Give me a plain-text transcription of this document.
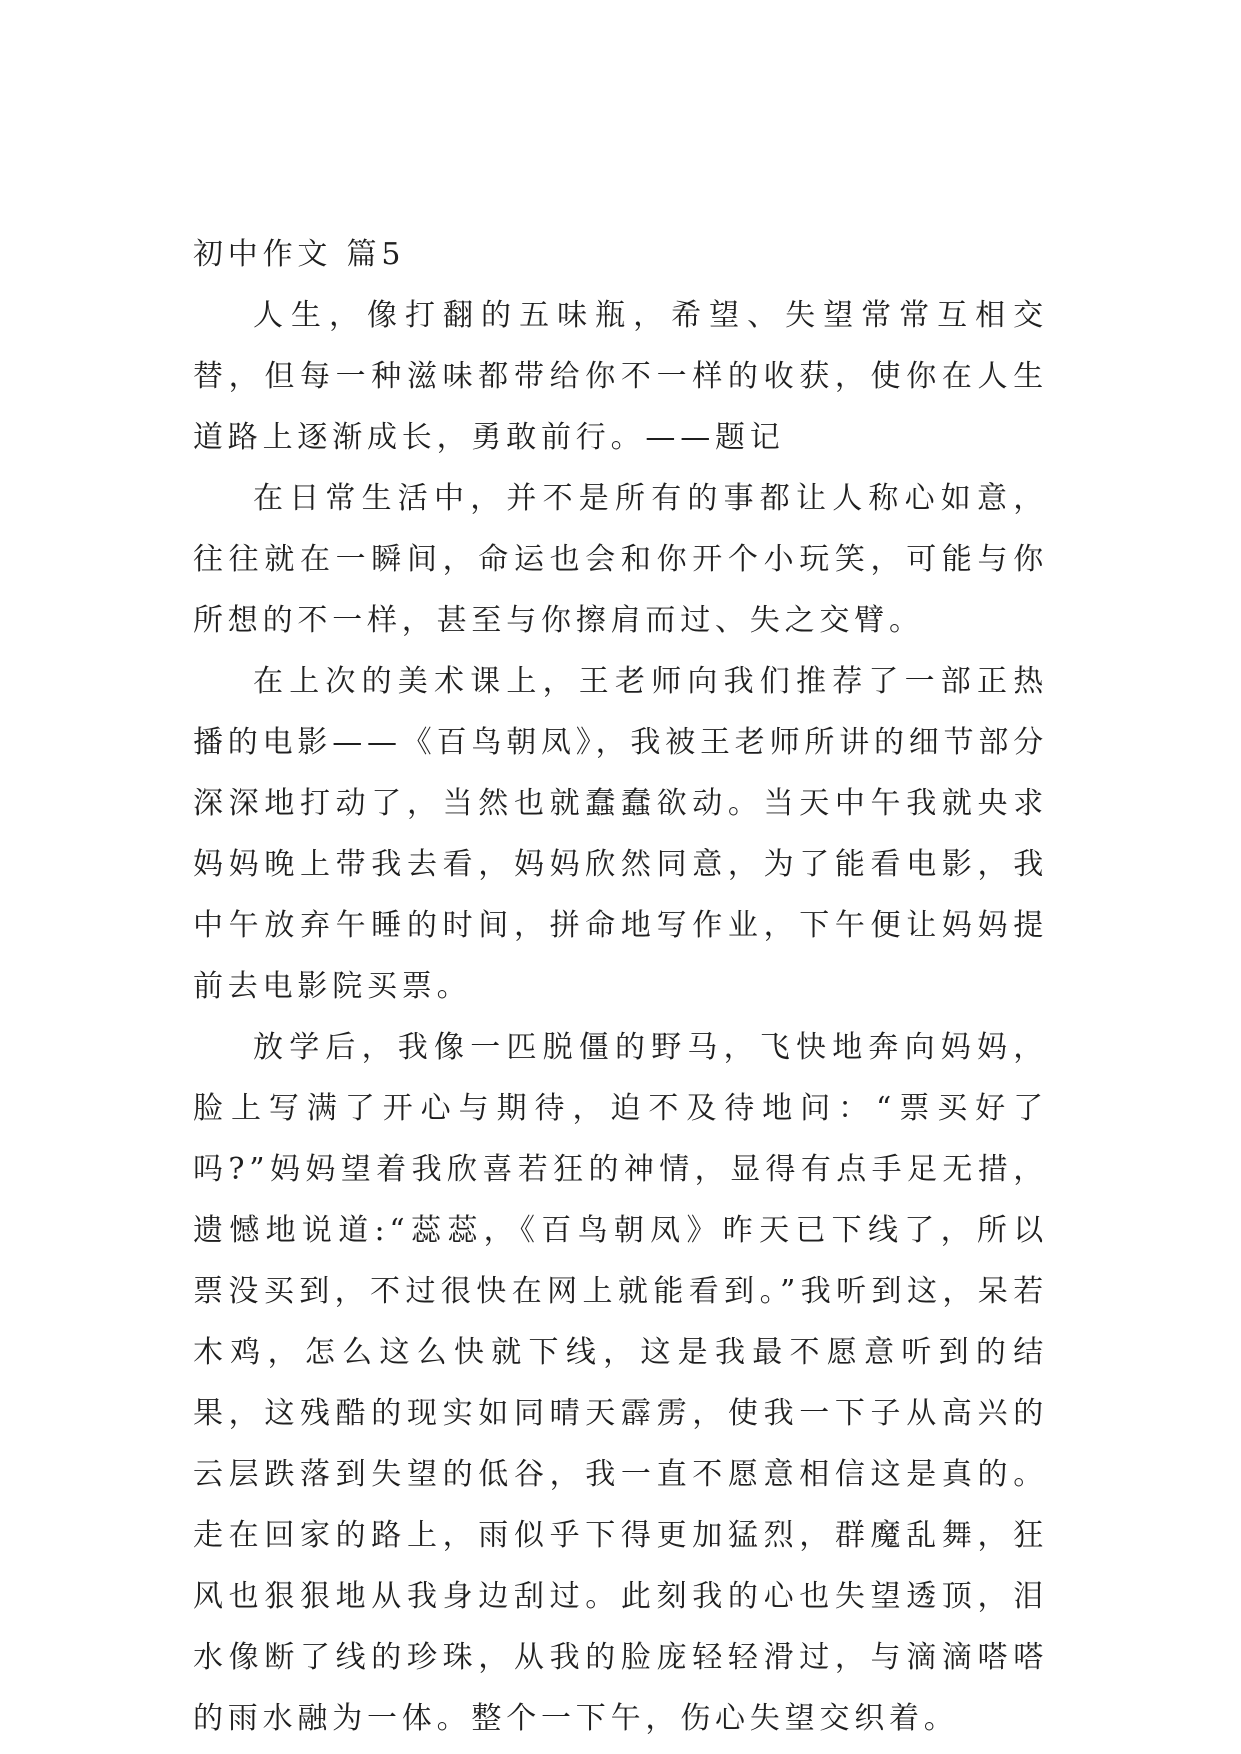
初中作文 篇5

人生，像打翻的五味瓶，希望、失望常常互相交替，但每一种滋味都带给你不一样的收获，使你在人生道路上逐渐成长，勇敢前行。——题记

在日常生活中，并不是所有的事都让人称心如意，往往就在一瞬间，命运也会和你开个小玩笑，可能与你所想的不一样，甚至与你擦肩而过、失之交臂。

在上次的美术课上，王老师向我们推荐了一部正热播的电影——《百鸟朝凤》，我被王老师所讲的细节部分深深地打动了，当然也就蠢蠢欲动。当天中午我就央求妈妈晚上带我去看，妈妈欣然同意，为了能看电影，我中午放弃午睡的时间，拼命地写作业，下午便让妈妈提前去电影院买票。

放学后，我像一匹脱僵的野马，飞快地奔向妈妈，脸上写满了开心与期待，迫不及待地问：“票买好了吗?”妈妈望着我欣喜若狂的神情，显得有点手足无措，遗憾地说道:“蕊蕊，《百鸟朝凤》昨天已下线了，所以票没买到，不过很快在网上就能看到。”我听到这，呆若木鸡，怎么这么快就下线，这是我最不愿意听到的结果，这残酷的现实如同晴天霹雳，使我一下子从高兴的云层跌落到失望的低谷，我一直不愿意相信这是真的。走在回家的路上，雨似乎下得更加猛烈，群魔乱舞，狂风也狠狠地从我身边刮过。此刻我的心也失望透顶，泪水像断了线的珍珠，从我的脸庞轻轻滑过，与滴滴嗒嗒的雨水融为一体。整个一下午，伤心失望交织着。
